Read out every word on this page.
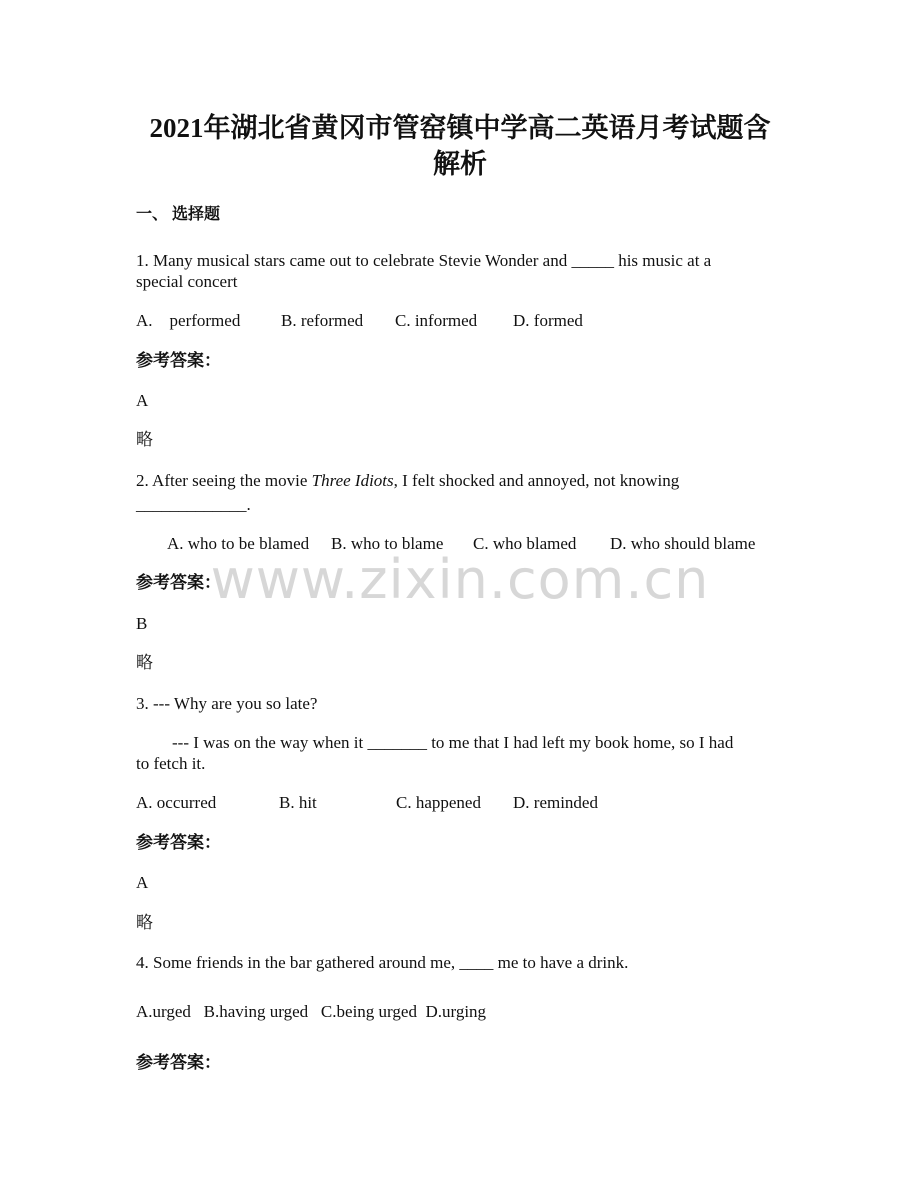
2021年湖北省黄冈市管窑镇中学高二英语月考试题含
解析
一、 选择题
1. Many musical stars came out to celebrate Stevie Wonder and _____ his music at a
special concert
A.    performed B. reformed C. informed D. formed
参考答案：
A
略
2. After seeing the movie Three Idiots, I felt shocked and annoyed, not knowing
_____________.
A. who to be blamed B. who to blame C. who blamed D. who should blame
参考答案：
B
略
3. --- Why are you so late?
--- I was on the way when it _______ to me that I had left my book home, so I had
to fetch it.
A. occurred	B. hit	C. happened D. reminded
参考答案：
A
略
4. Some friends in the bar gathered around me, ____ me to have a drink.
A.urged   B.having urged   C.being urged  D.urging
参考答案：
www.zixin.com.cn
